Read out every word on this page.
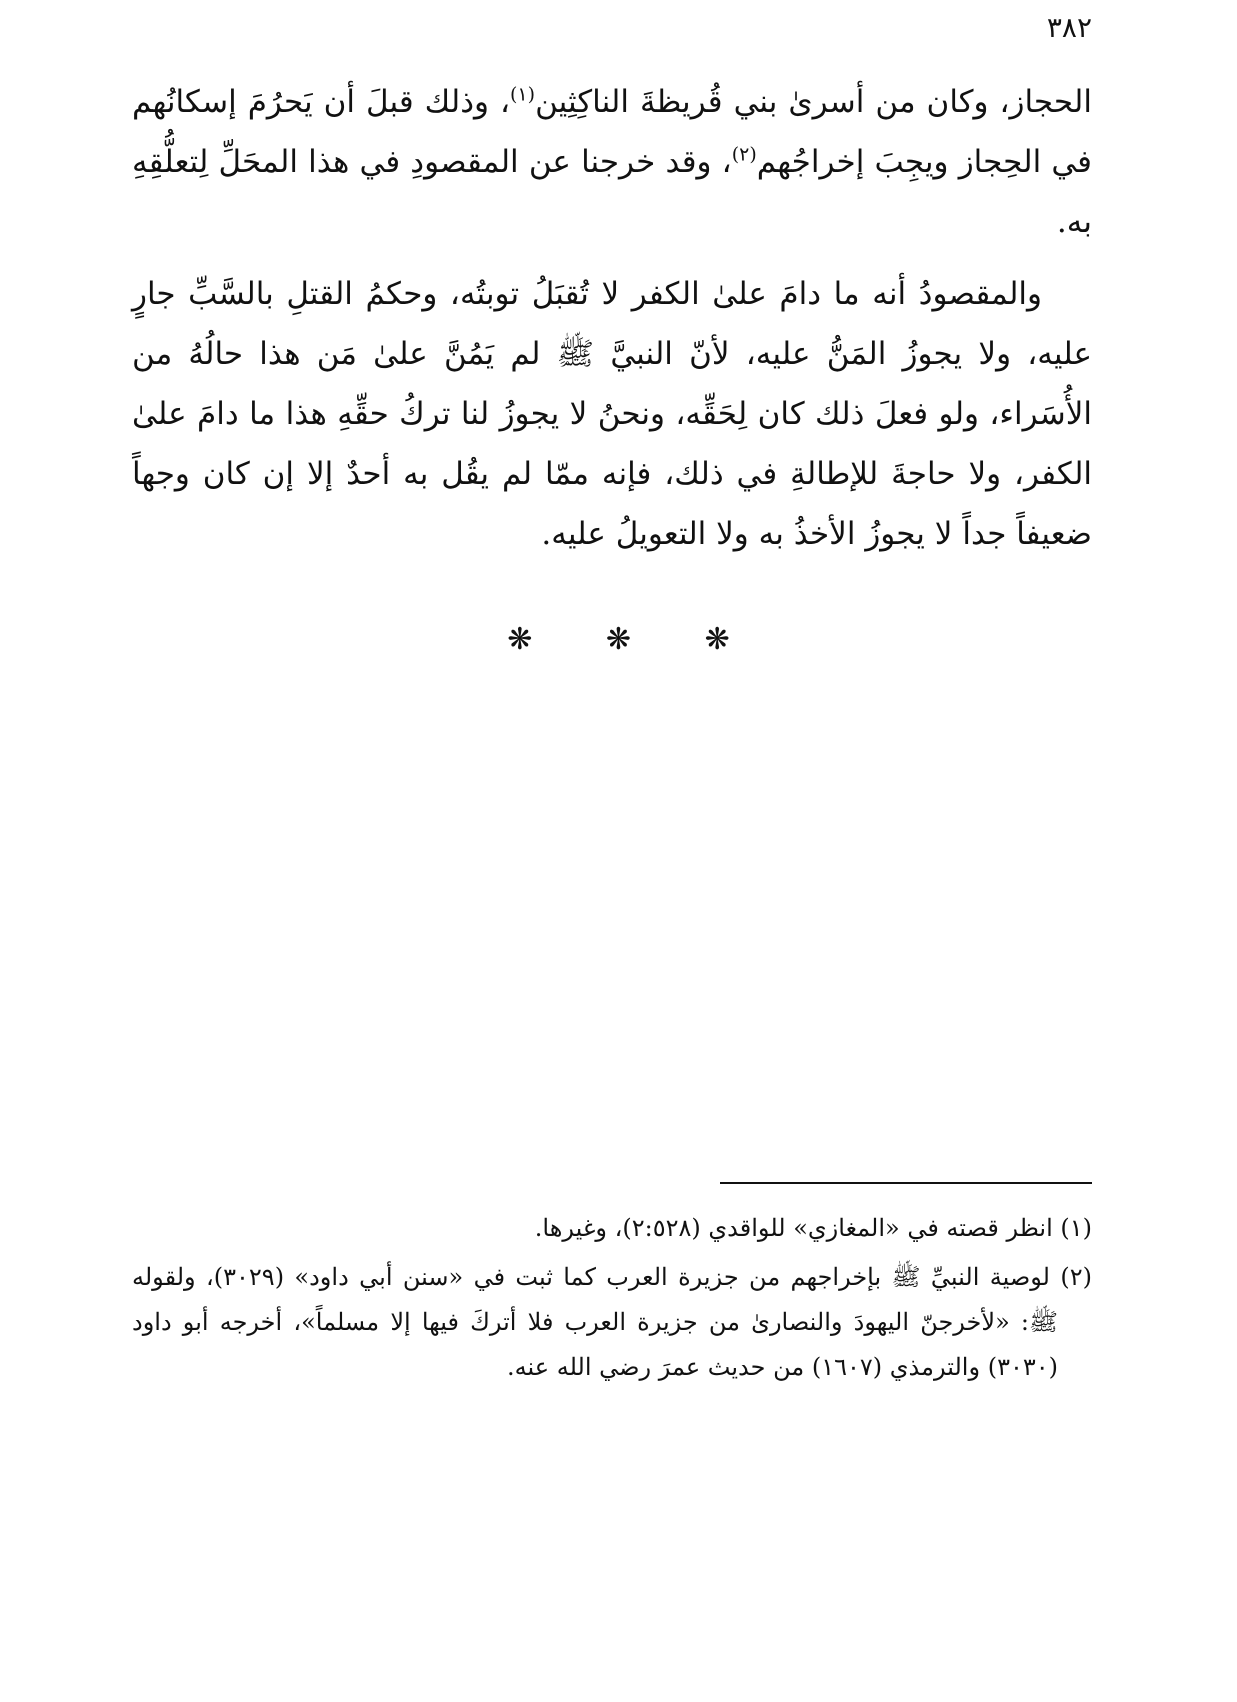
٣٨٢

الحجاز، وكان من أسرىٰ بني قُريظةَ الناكِثِين$^{(١)}$، وذلك قبلَ أن يَحرُمَ إسكانُهم في الحِجاز ويجِبَ إخراجُهم$^{(٢)}$، وقد خرجنا عن المقصودِ في هذا المحَلِّ لِتعلُّقِهِ به.

والمقصودُ أنه ما دامَ علىٰ الكفر لا تُقبَلُ توبتُه، وحكمُ القتلِ بالسَّبِّ جارٍ عليه، ولا يجوزُ المَنُّ عليه، لأنّ النبيَّ ﷺ لم يَمُنَّ علىٰ مَن هذا حالُهُ من الأُسَراء، ولو فعلَ ذلك كان لِحَقِّه، ونحنُ لا يجوزُ لنا تركُ حقِّهِ هذا ما دامَ علىٰ الكفر، ولا حاجةَ للإطالةِ في ذلك، فإنه ممّا لم يقُل به أحدٌ إلا إن كان وجهاً ضعيفاً جداً لا يجوزُ الأخذُ به ولا التعويلُ عليه.

❋ ❋ ❋

(١) انظر قصته في «المغازي» للواقدي (٢:٥٢٨)، وغيرها.

(٢) لوصية النبيِّ ﷺ بإخراجهم من جزيرة العرب كما ثبت في «سنن أبي داود» (٣٠٢٩)، ولقوله ﷺ: «لأخرجنّ اليهودَ والنصارىٰ من جزيرة العرب فلا أتركَ فيها إلا مسلماً»، أخرجه أبو داود (٣٠٣٠) والترمذي (١٦٠٧) من حديث عمرَ رضي الله عنه.
